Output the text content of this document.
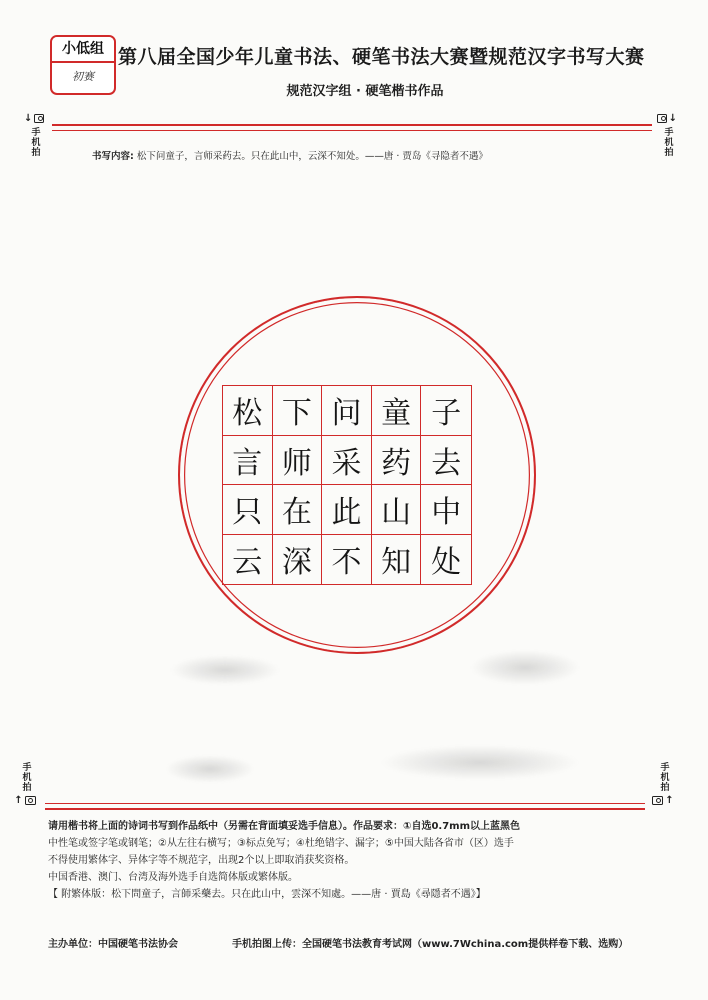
小低组
初赛
第八届全国少年儿童书法、硬笔书法大赛暨规范汉字书写大赛
规范汉字组 · 硬笔楷书作品
↓
手机拍
↓
手机拍
书写内容: 松下问童子，言师采药去。只在此山中，云深不知处。——唐 · 贾岛《寻隐者不遇》
松 下 问 童 子
言 师 采 药 去
只 在 此 山 中
云 深 不 知 处
手机拍
↑
手机拍
↑
请用楷书将上面的诗词书写到作品纸中（另需在背面填妥选手信息）。作品要求：①自选0.7mm以上蓝黑色
中性笔或签字笔或钢笔；②从左往右横写；③标点免写；④杜绝错字、漏字；⑤中国大陆各省市（区）选手
不得使用繁体字、异体字等不规范字，出现2个以上即取消获奖资格。
中国香港、澳门、台湾及海外选手自选简体版或繁体版。
【 附繁体版：松下問童子，言師采藥去。只在此山中，雲深不知處。——唐 · 賈島《尋隱者不遇》】
主办单位：中国硬笔书法协会	手机拍图上传：全国硬笔书法教育考试网（www.7Wchina.com提供样卷下载、选购）
